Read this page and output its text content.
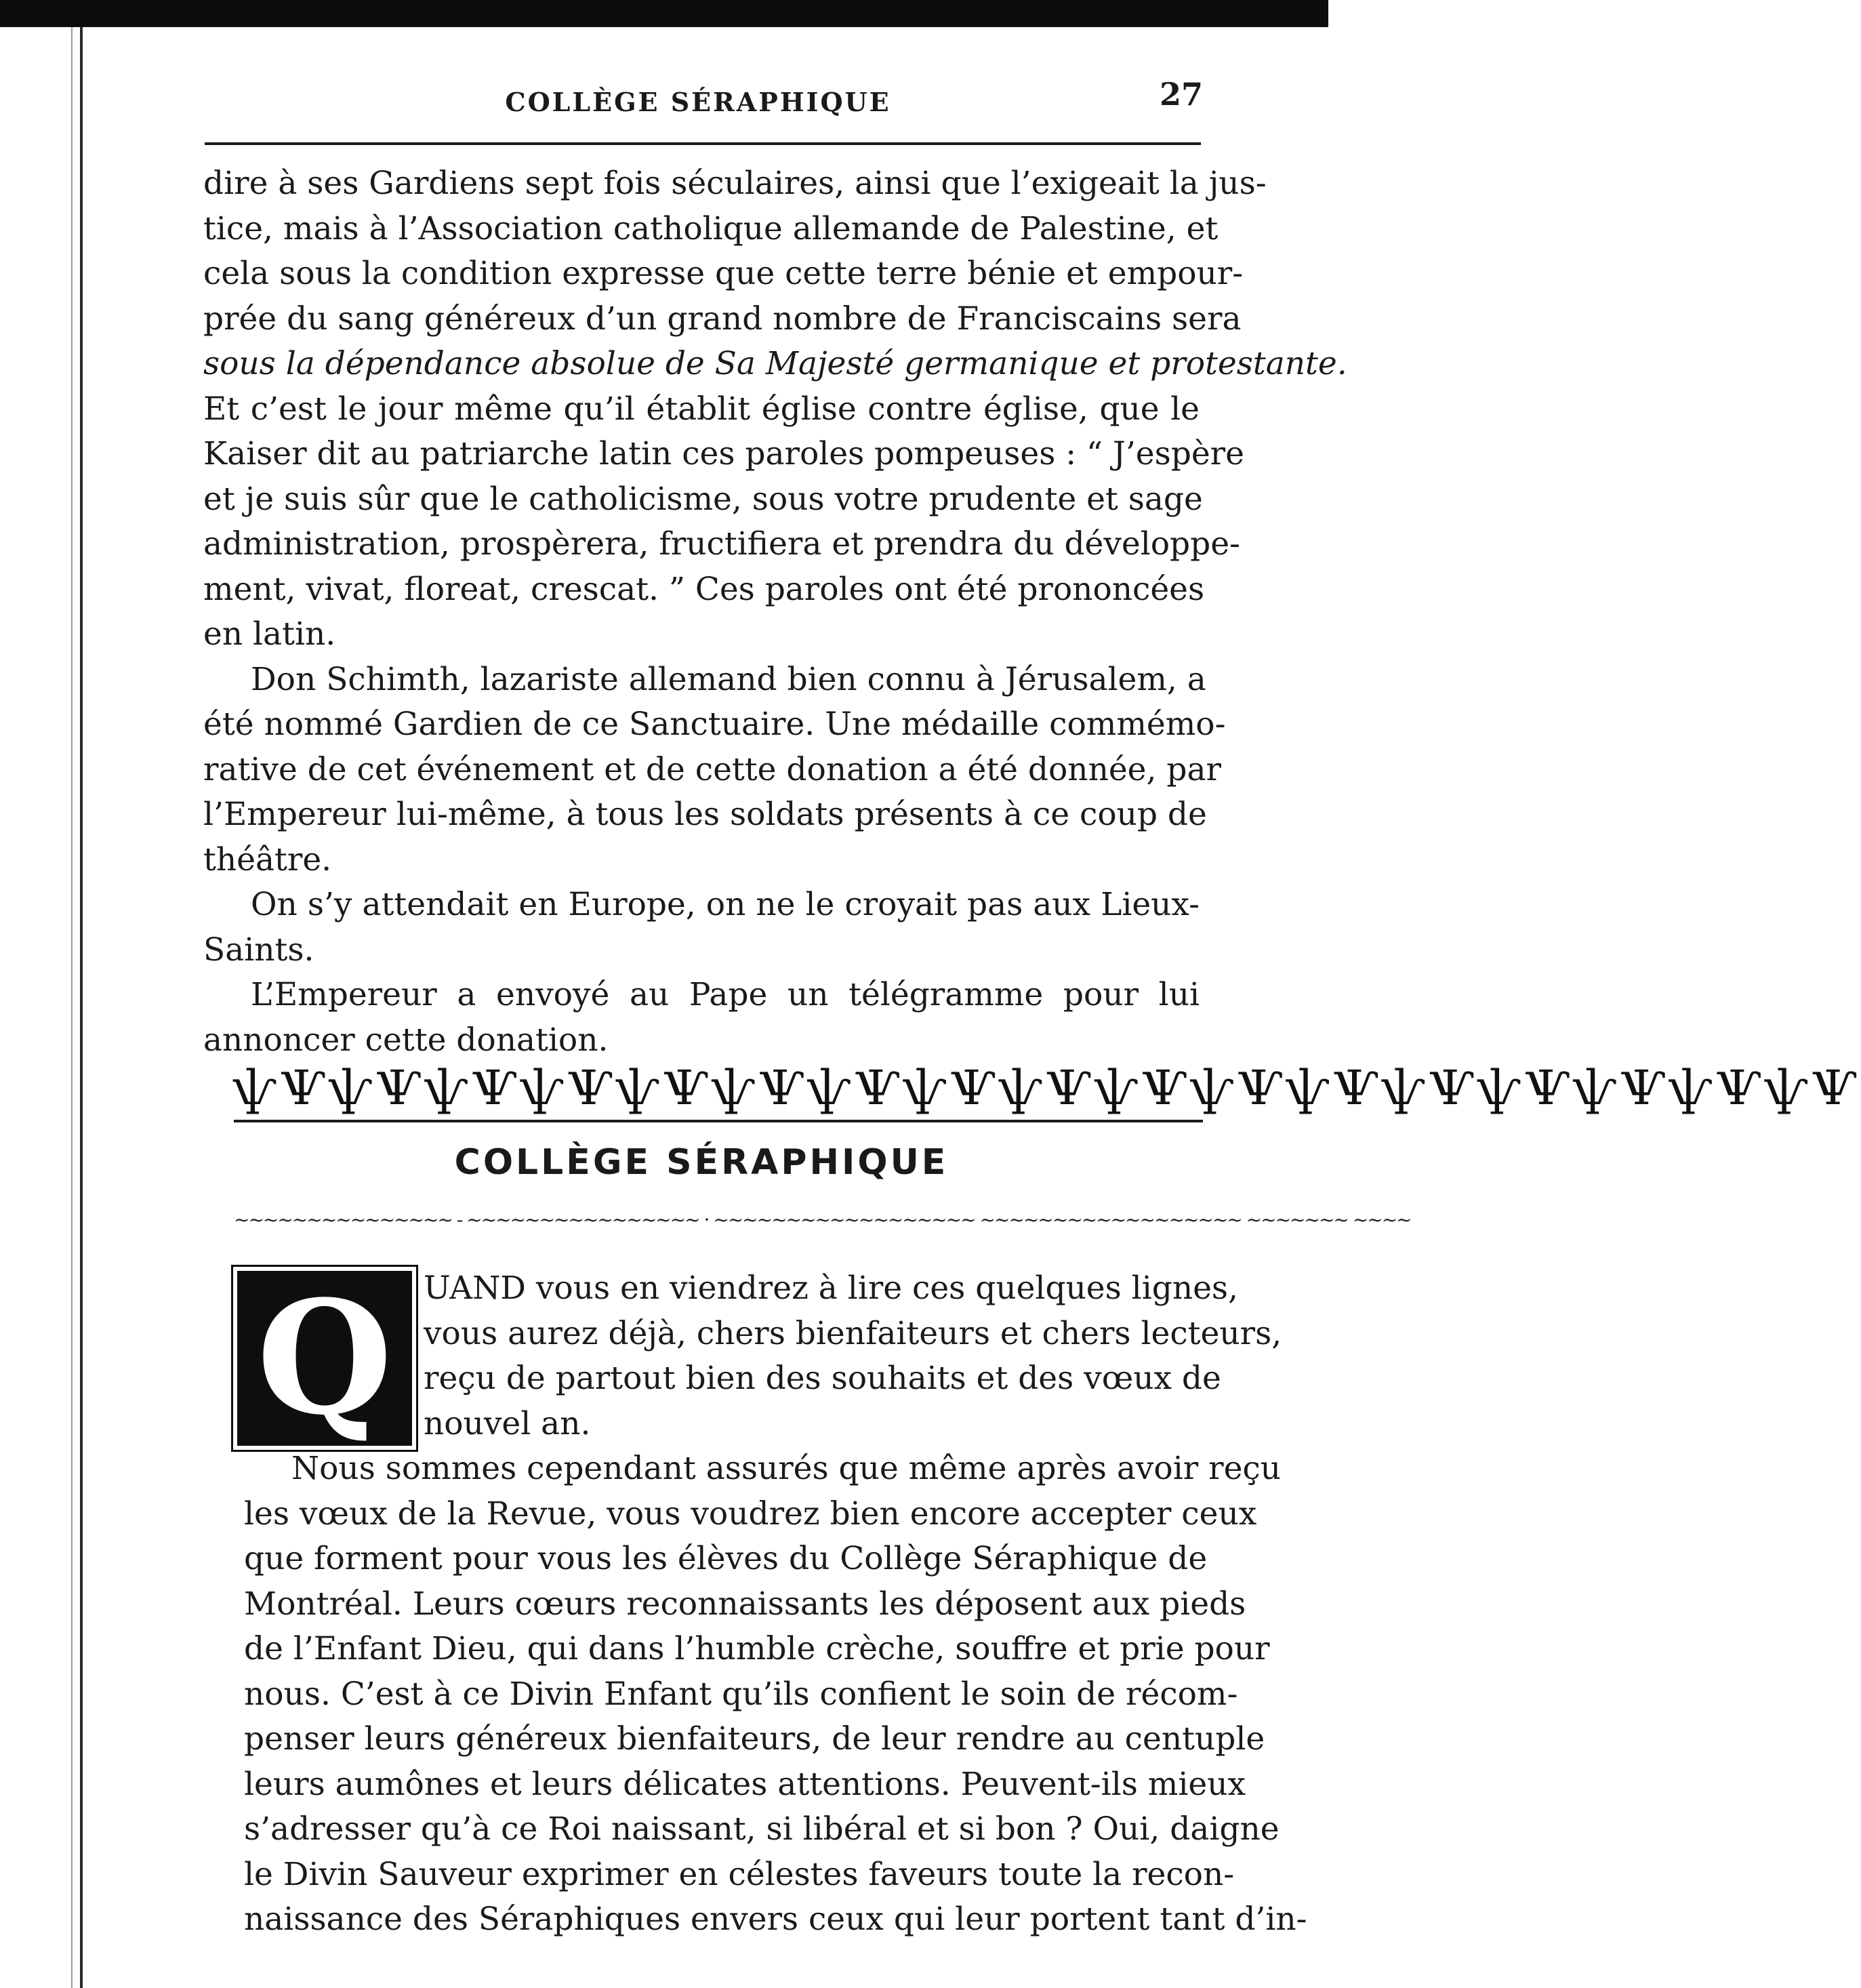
COLLÈGE SÉRAPHIQUE	27
dire à ses Gardiens sept fois séculaires, ainsi que l’exigeait la jus-
tice, mais à l’Association catholique allemande de Palestine, et
cela sous la condition expresse que cette terre bénie et empour-
prée du sang généreux d’un grand nombre de Franciscains sera
sous la dépendance absolue de Sa Majesté germanique et protestante.
Et c’est le jour même qu’il établit église contre église, que le
Kaiser dit au patriarche latin ces paroles pompeuses : “ J’espère
et je suis sûr que le catholicisme, sous votre prudente et sage
administration, prospèrera, fructifiera et prendra du développe-
ment, vivat, floreat, crescat. ” Ces paroles ont été prononcées
en latin.
Don Schimth, lazariste allemand bien connu à Jérusalem, a
été nommé Gardien de ce Sanctuaire. Une médaille commémo-
rative de cet événement et de cette donation a été donnée, par
l’Empereur lui-même, à tous les soldats présents à ce coup de
théâtre.
On s’y attendait en Europe, on ne le croyait pas aux Lieux-
Saints.
L’Empereur a envoyé au Pape un télégramme pour lui
annoncer cette donation.
ѱѰѱѰѱѰѱѰѱѰѱѰѱѰѱѰѱѰѱѰѱѰѱѰѱѰѱѰѱѰѱѰѱѰ
COLLÈGE SÉRAPHIQUE
~~~~~~~~~~~~~~~ - ~~~~~~~~~~~~~~~~ · ~~~~~~~~~~~~~~~~~~ ~~~~~~~~~~~~~~~~~~ ~~~~~~~ ~~~~
Q UAND vous en viendrez à lire ces quelques lignes,
vous aurez déjà, chers bienfaiteurs et chers lecteurs,
reçu de partout bien des souhaits et des vœux de
nouvel an.
Nous sommes cependant assurés que même après avoir reçu
les vœux de la Revue, vous voudrez bien encore accepter ceux
que forment pour vous les élèves du Collège Séraphique de
Montréal. Leurs cœurs reconnaissants les déposent aux pieds
de l’Enfant Dieu, qui dans l’humble crèche, souffre et prie pour
nous. C’est à ce Divin Enfant qu’ils confient le soin de récom-
penser leurs généreux bienfaiteurs, de leur rendre au centuple
leurs aumônes et leurs délicates attentions. Peuvent-ils mieux
s’adresser qu’à ce Roi naissant, si libéral et si bon ? Oui, daigne
le Divin Sauveur exprimer en célestes faveurs toute la recon-
naissance des Séraphiques envers ceux qui leur portent tant d’in-
